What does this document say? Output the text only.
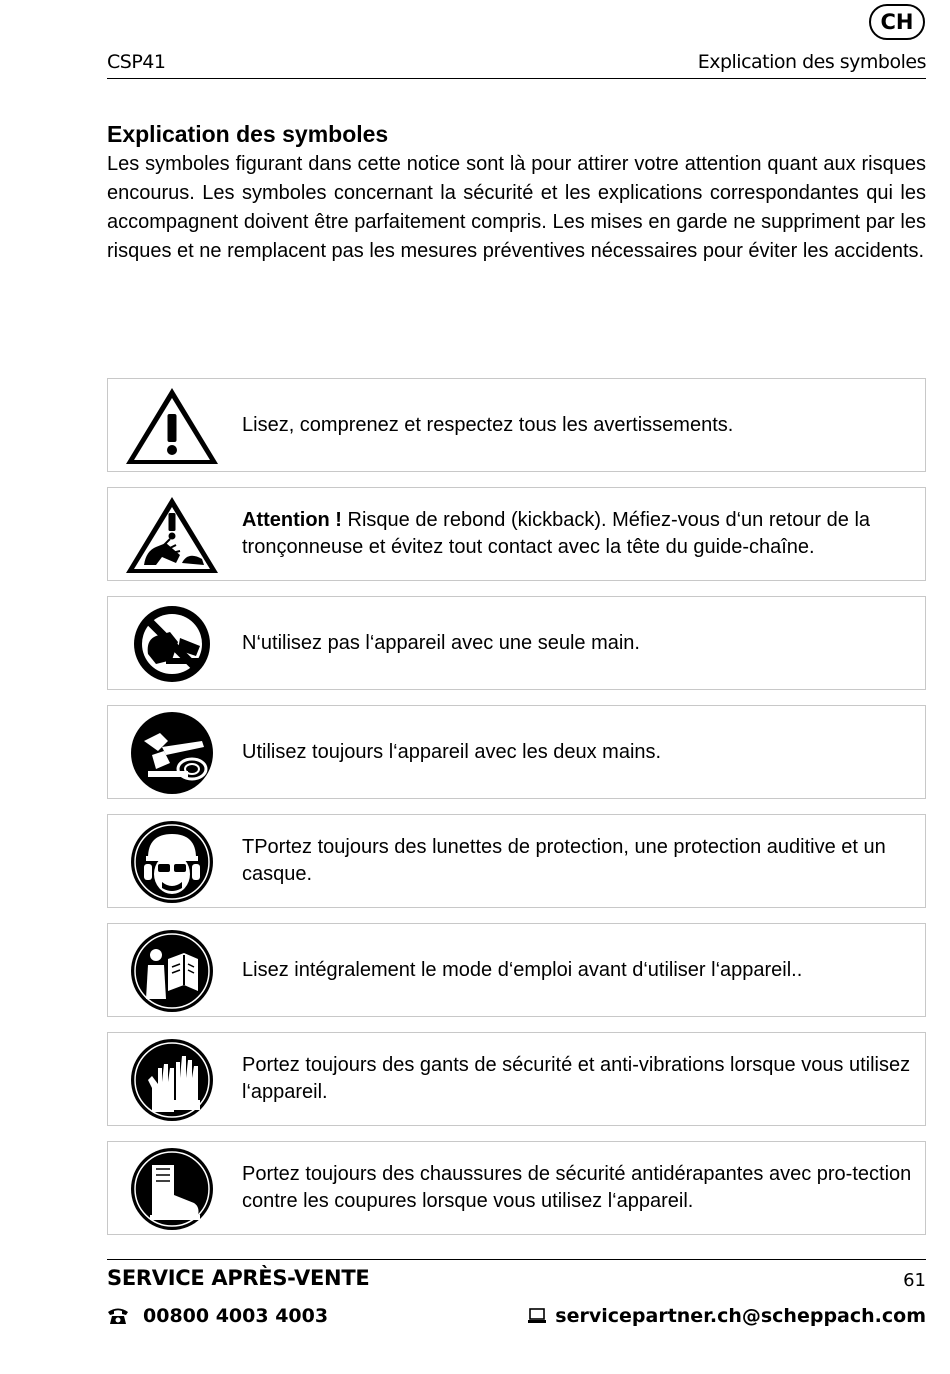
CH
CSP41	Explication des symboles
Explication des symboles

Les symboles figurant dans cette notice sont là pour attirer votre attention quant aux risques encourus. Les symboles concernant la sécurité et les explications correspondantes qui les accompagnent doivent être parfaitement compris. Les mises en garde ne suppriment par les risques et ne remplacent pas les mesures préventives nécessaires pour éviter les accidents.

Lisez, comprenez et respectez tous les avertissements.

Attention ! Risque de rebond (kickback). Méfiez-vous d‘un retour de la tronçonneuse et évitez tout contact avec la tête du guide-chaîne.

N‘utilisez pas l‘appareil avec une seule main.

Utilisez toujours l‘appareil avec les deux mains.

TPortez toujours des lunettes de protection, une protection auditive et un casque.

Lisez intégralement le mode d‘emploi avant d‘utiliser l‘appareil..

Portez toujours des gants de sécurité et anti-vibrations lorsque vous utilisez l‘appareil.

Portez toujours des chaussures de sécurité antidérapantes avec pro-tection contre les coupures lorsque vous utilisez l‘appareil.

SERVICE APRÈS-VENTE	61
00800 4003 4003	servicepartner.ch@scheppach.com
